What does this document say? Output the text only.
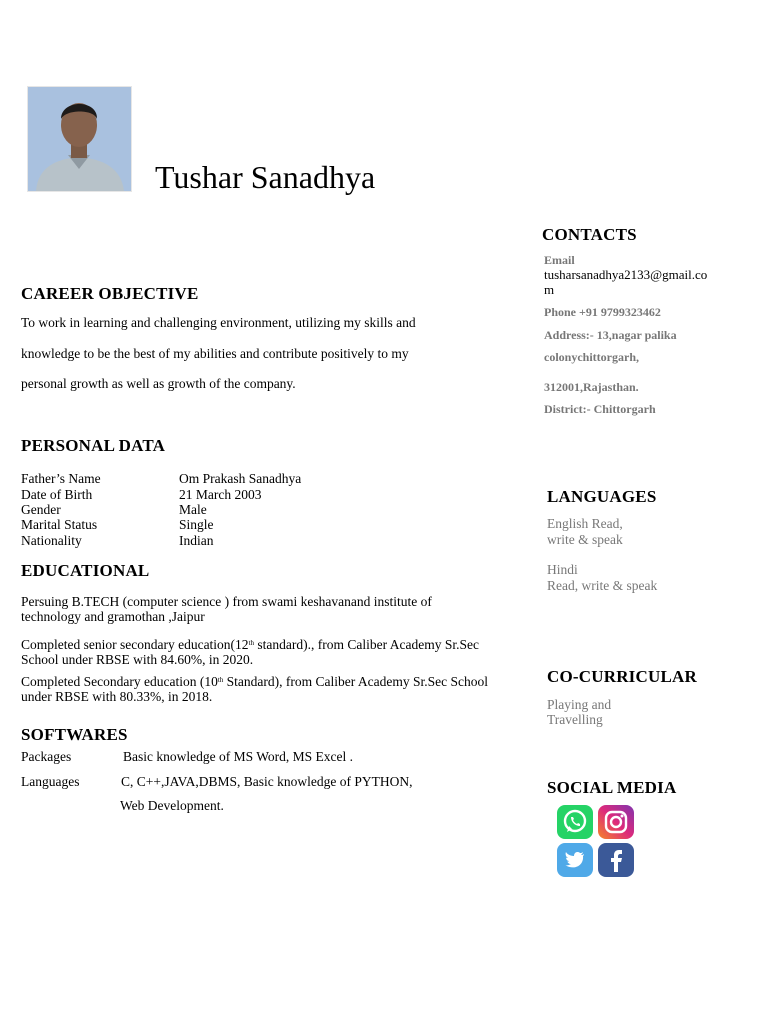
Tushar Sanadhya
CAREER OBJECTIVE
To work in learning and challenging environment, utilizing my skills and
knowledge to be the best of my abilities and contribute positively to my
personal growth as well as growth of the company.
PERSONAL DATA
Father’s Name	Om Prakash Sanadhya
Date of Birth	21 March 2003
Gender	Male
Marital Status	Single
Nationality	Indian
EDUCATIONAL
Persuing B.TECH (computer science ) from swami keshavanand institute of
technology and gramothan ,Jaipur
Completed senior secondary education(12th standard)., from Caliber Academy Sr.Sec
School under RBSE with 84.60%, in 2020.
Completed Secondary education (10th Standard), from Caliber Academy Sr.Sec School
under RBSE with 80.33%, in 2018.
SOFTWARES
Packages	Basic knowledge of MS Word, MS Excel .
Languages	C, C++,JAVA,DBMS, Basic knowledge of PYTHON,
Web Development.
CONTACTS
Email
tusharsanadhya2133@gmail.co
m
Phone +91 9799323462
Address:- 13,nagar palika
colonychittorgarh,
312001,Rajasthan.
District:- Chittorgarh
LANGUAGES
English Read,
write & speak
Hindi
Read, write & speak
CO-CURRICULAR
Playing and
Travelling
SOCIAL MEDIA
